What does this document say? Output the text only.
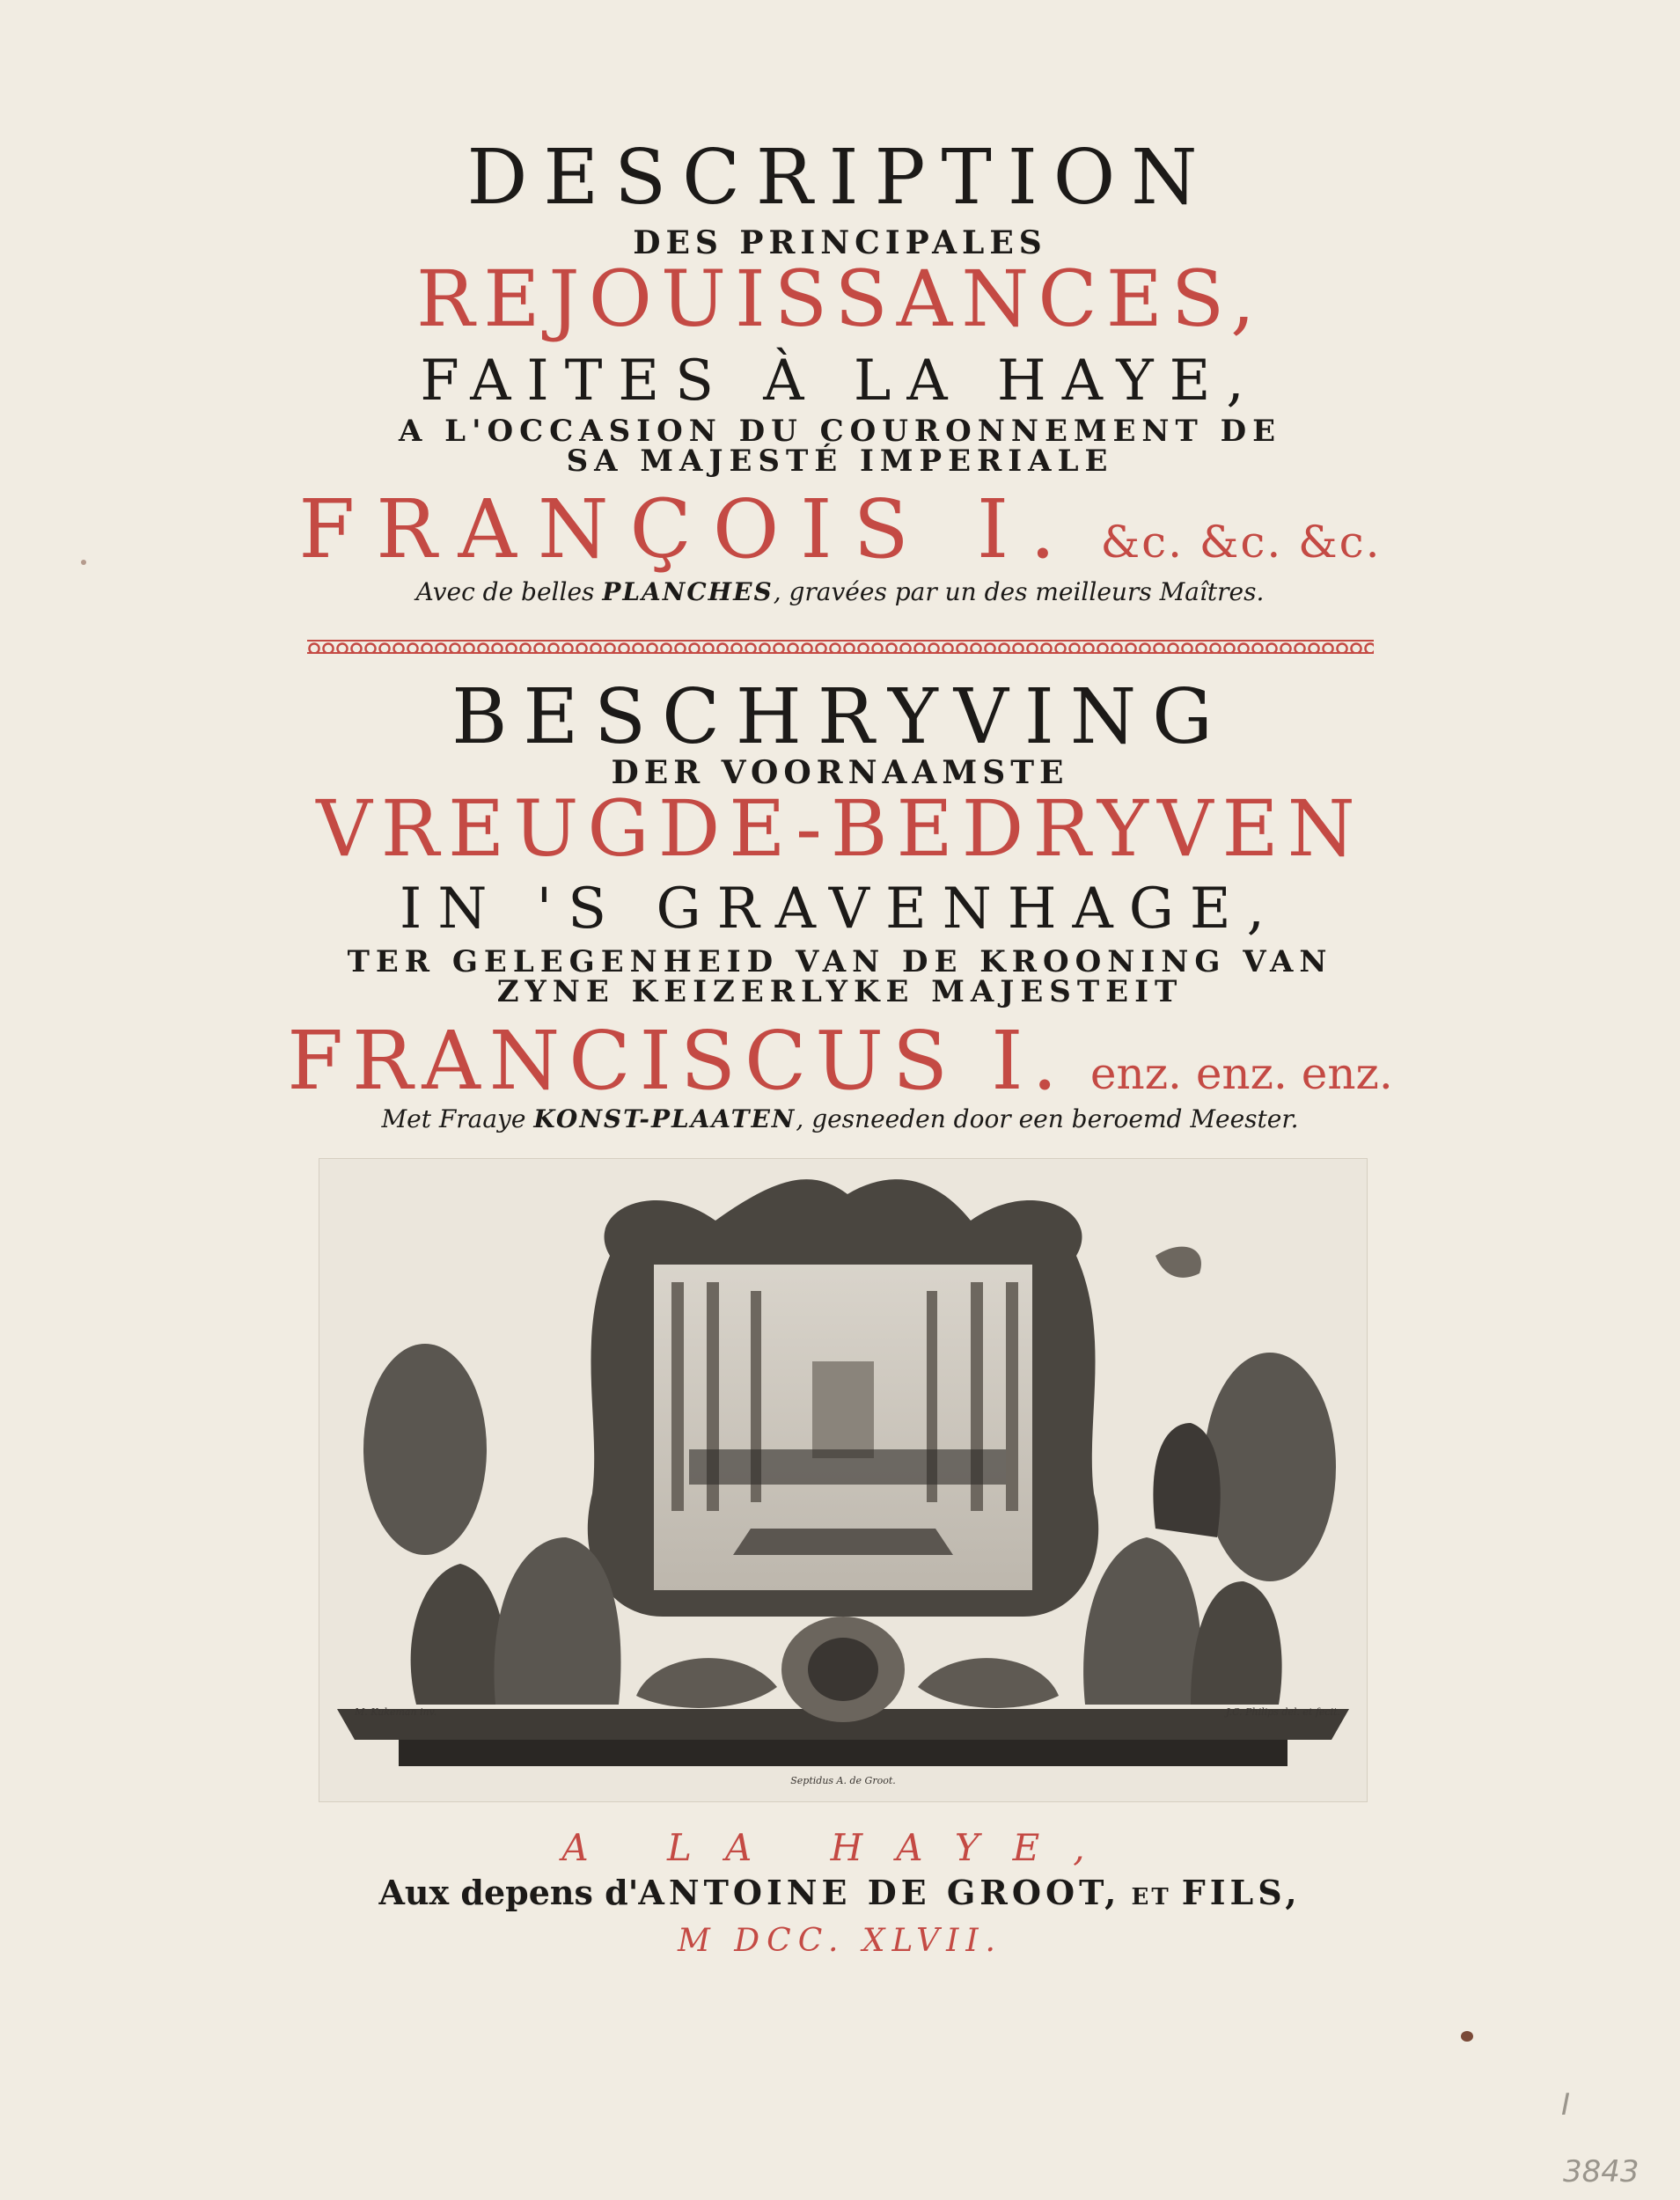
DESCRIPTION
DES PRINCIPALES
REJOUISSANCES,
FAITES À LA HAYE,
A L'OCCASION DU COURONNEMENT DE
SA MAJESTÉ IMPERIALE
FRANÇOIS I. &c. &c. &c.
Avec de belles PLANCHES, gravées par un des meilleurs Maîtres.
BESCHRYVING
DER VOORNAAMSTE
VREUGDE-BEDRYVEN
IN 'S GRAVENHAGE,
TER GELEGENHEID VAN DE KROONING VAN
ZYNE KEIZERLYKE MAJESTEIT
FRANCISCUS I. enz. enz. enz.
Met Fraaye KONST-PLAATEN, gesneeden door een beroemd Meester.
M. Kukeman inv.	J.C. Philips del. et fecit.
Septidus A. de Groot.
A LA HAYE,
Aux depens d'ANTOINE DE GROOT, ET FILS,
M DCC. XLVII.
I
3843
